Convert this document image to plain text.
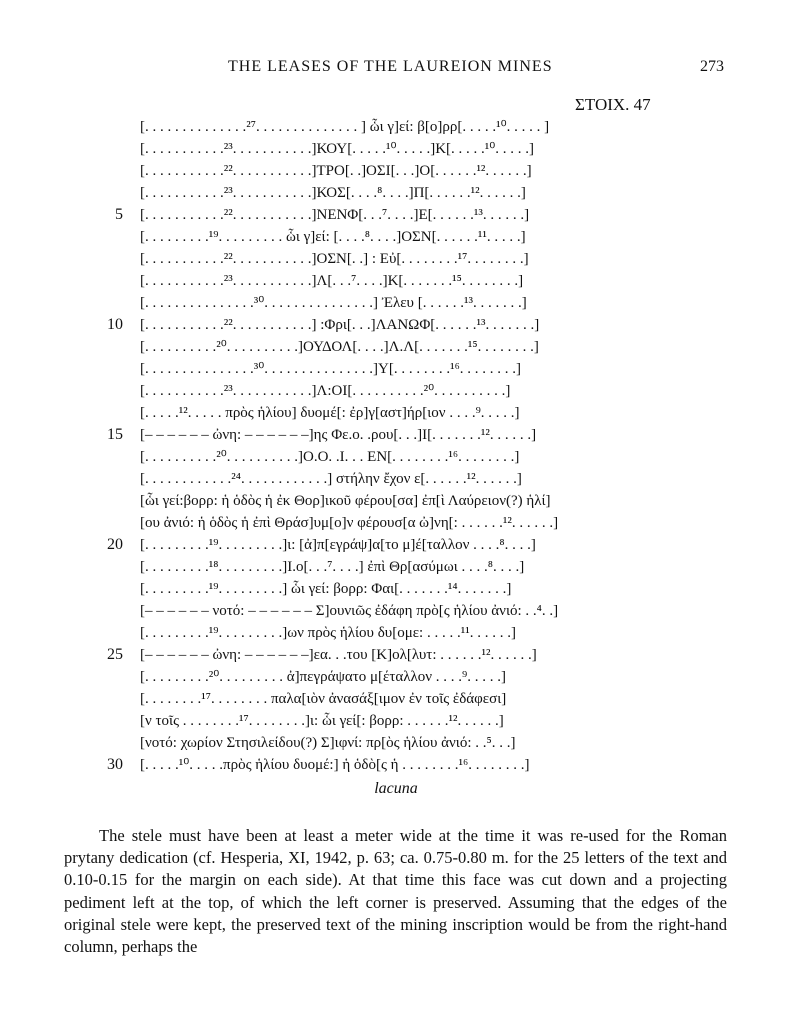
THE LEASES OF THE LAUREION MINES	273
ΣΤΟΙΧ. 47
5
10
15
20
25
30
[. . . . . . . . . . . . . .²⁷. . . . . . . . . . . . . . ] ὧι γ]εί: β[ο]ρρ[. . . . .¹⁰. . . . . ]
[. . . . . . . . . . .²³. . . . . . . . . . .]ΚΟΥ[. . . . .¹⁰. . . . .]Κ[. . . . .¹⁰. . . . .]
[. . . . . . . . . . .²². . . . . . . . . . .]ΤΡΟ[. .]ΟΣΙ[. . .]Ο[. . . . . .¹². . . . . .]
[. . . . . . . . . . .²³. . . . . . . . . . .]ΚΟΣ[. . . .⁸. . . .]Π[. . . . . .¹². . . . . .]
[. . . . . . . . . . .²². . . . . . . . . . .]ΝΕΝΦ[. . .⁷. . . .]Ε[. . . . . .¹³. . . . . .]
[. . . . . . . . .¹⁹. . . . . . . . . ὧι γ]εί: [. . . .⁸. . . .]ΟΣΝ[. . . . . .¹¹. . . . .]
[. . . . . . . . . . .²². . . . . . . . . . .]ΟΣΝ[. .] : Εὐ[. . . . . . . .¹⁷. . . . . . . .]
[. . . . . . . . . . .²³. . . . . . . . . . .]Λ[. . .⁷. . . .]Κ[. . . . . . .¹⁵. . . . . . . .]
[. . . . . . . . . . . . . . .³⁰. . . . . . . . . . . . . . .] Ἐλευ [. . . . . .¹³. . . . . . .]
[. . . . . . . . . . .²². . . . . . . . . . .] :Φρι[. . .]ΛΑΝΩΦ[. . . . . .¹³. . . . . . .]
[. . . . . . . . . .²⁰. . . . . . . . . .]ΟΥΔΟΛ[. . . .]Λ.Λ[. . . . . . .¹⁵. . . . . . . .]
[. . . . . . . . . . . . . . .³⁰. . . . . . . . . . . . . . .]Υ[. . . . . . . .¹⁶. . . . . . . .]
[. . . . . . . . . . .²³. . . . . . . . . . .]Λ:ΟΙ[. . . . . . . . . .²⁰. . . . . . . . . .]
[. . . . .¹². . . . . πρὸς ἡλίου] δυομέ[: ἐρ]γ[αστ]ήρ[ιον . . . .⁹. . . . .]
[– – – – – – ὠνη: – – – – – –]ης Φε.ο. .ρου[. . .]Ι[. . . . . . .¹². . . . . .]
[. . . . . . . . . .²⁰. . . . . . . . . .]Ο.Ο. .Ι. . . ΕΝ[. . . . . . . .¹⁶. . . . . . . .]
[. . . . . . . . . . . .²⁴. . . . . . . . . . . .] στήλην ἔχον ε[. . . . . .¹². . . . . .]
[ὧι γεί:βορρ: ἡ ὁδὸς ἡ ἐκ Θορ]ικοῦ φέρου[σα] ἐπ[ὶ Λαύρειον(?) ἡλί]
[ου ἀνιό: ἡ ὁδὸς ἡ ἐπὶ Θράσ]υμ[ο]ν φέρουσ[α ὠ]νη[: . . . . . .¹². . . . . .]
[. . . . . . . . .¹⁹. . . . . . . . .]ι: [ἀ]π[εγράψ]α[το μ]έ[ταλλον . . . .⁸. . . .]
[. . . . . . . . .¹⁸. . . . . . . . .]Ι.ο[. . .⁷. . . .] ἐπὶ Θρ[ασύμωι . . . .⁸. . . .]
[. . . . . . . . .¹⁹. . . . . . . . .] ὧι γεί: βορρ: Φαι[. . . . . . .¹⁴. . . . . . .]
[– – – – – – νοτό: – – – – – – Σ]ουνιῶς ἐδάφη πρὸ[ς ἡλίου ἀνιό: . .⁴. .]
[. . . . . . . . .¹⁹. . . . . . . . .]ων πρὸς ἡλίου δυ[ομε: . . . . .¹¹. . . . . .]
[– – – – – – ὠνη: – – – – – –]εα. . .του [Κ]ολ[λυτ: . . . . . .¹². . . . . .]
[. . . . . . . . .²⁰. . . . . . . . . ἀ]πεγράψατο μ[έταλλον . . . .⁹. . . . .]
[. . . . . . . .¹⁷. . . . . . . . παλα[ιὸν ἀνασάξ[ιμον ἐν τοῖς ἐδάφεσι]
[ν τοῖς . . . . . . . .¹⁷. . . . . . . .]ι: ὧι γεί[: βορρ: . . . . . .¹². . . . . .]
[νοτό: χωρίον Στησιλείδου(?) Σ]ιφνί: πρ[ὸς ἡλίου ἀνιό: . .⁵. . .]
[. . . . .¹⁰. . . . .πρὸς ἡλίου δυομέ:] ἡ ὁδὸ[ς ἡ . . . . . . . .¹⁶. . . . . . . .]
lacuna

The stele must have been at least a meter wide at the time it was re-used for the Roman prytany dedication (cf. Hesperia, XI, 1942, p. 63; ca. 0.75-0.80 m. for the 25 letters of the text and 0.10-0.15 for the margin on each side). At that time this face was cut down and a projecting pediment left at the top, of which the left corner is preserved. Assuming that the edges of the original stele were kept, the preserved text of the mining inscription would be from the right-hand column, perhaps the
